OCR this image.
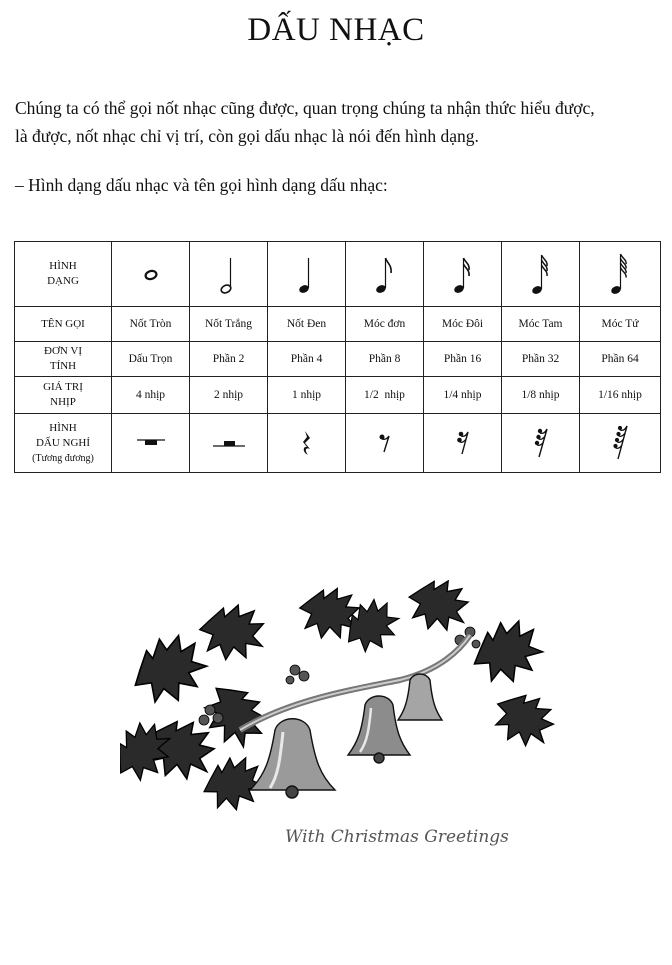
DẤU NHẠC

Chúng ta có thể gọi nốt nhạc cũng được, quan trọng chúng ta nhận thức hiểu được,

là được, nốt nhạc chỉ vị trí, còn gọi dấu nhạc là nói đến hình dạng.

– Hình dạng dấu nhạc và tên gọi hình dạng dấu nhạc:
HÌNH
DẠNG

TÊN GỌI	Nốt Tròn	Nốt Trắng	Nốt Đen	Móc đơn	Móc Đôi	Móc Tam	Móc Tứ

ĐƠN VỊ
TÍNH	Dấu Trọn	Phần 2	Phần 4	Phần 8	Phần 16	Phần 32	Phần 64

GIÁ TRỊ
NHỊP	4 nhịp	2 nhịp	1 nhịp	1/2  nhịp	1/4 nhịp	1/8 nhịp	1/16 nhịp

HÌNH
DẤU NGHỈ
(Tương đương)

With Christmas Greetings
